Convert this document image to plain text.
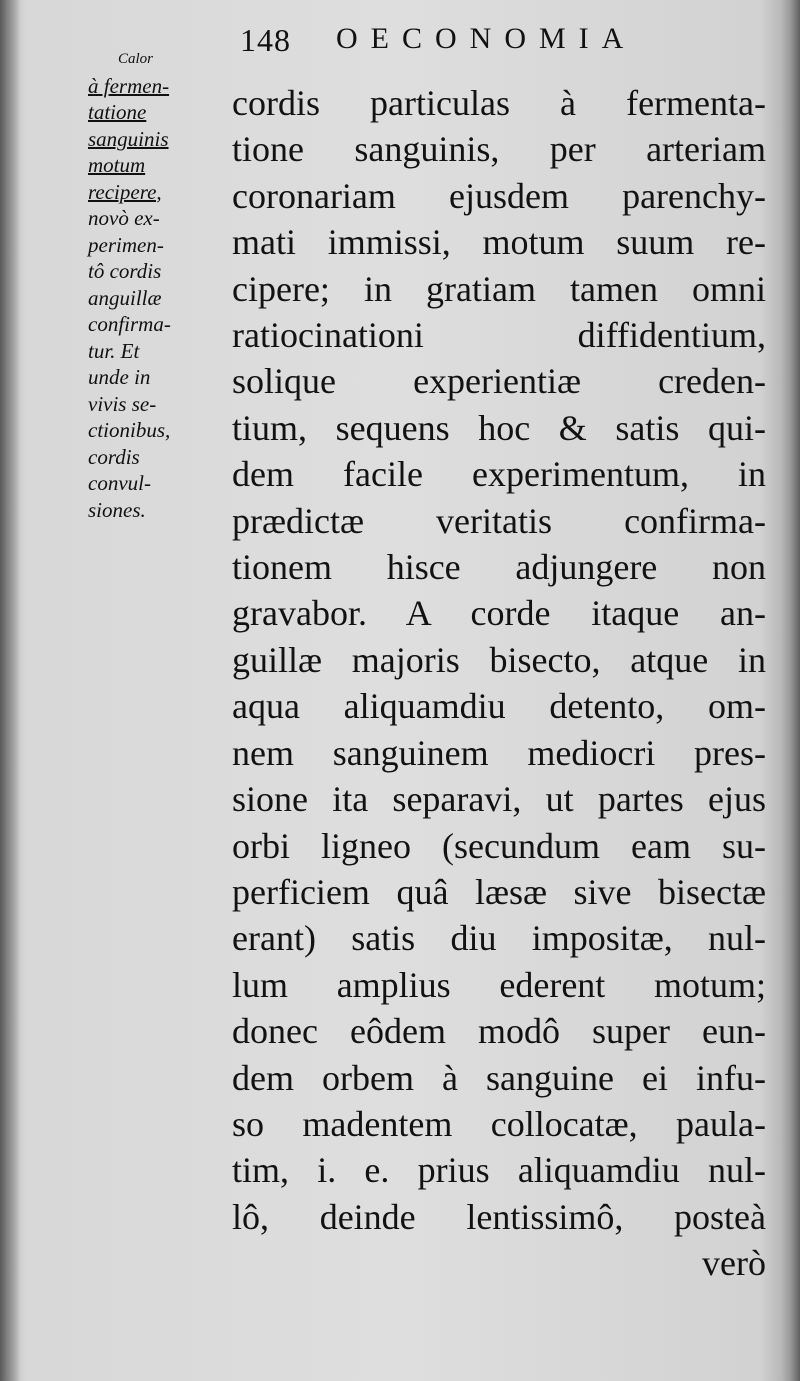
148 OECONOMIA
Calor
à fermen-
tatione
sanguinis
motum
recipere,
novò ex-
perimen-
tô cordis
anguillæ
confirma-
tur. Et
unde in
vivis se-
ctionibus,
cordis
convul-
siones.
cordis particulas à fermenta-
tione sanguinis, per arteriam
coronariam ejusdem parenchy-
mati immissi, motum suum re-
cipere; in gratiam tamen omni
ratiocinationi diffidentium,
solique experientiæ creden-
tium, sequens hoc & satis qui-
dem facile experimentum, in
prædictæ veritatis confirma-
tionem hisce adjungere non
gravabor. A corde itaque an-
guillæ majoris bisecto, atque in
aqua aliquamdiu detento, om-
nem sanguinem mediocri pres-
sione ita separavi, ut partes ejus
orbi ligneo (secundum eam su-
perficiem quâ læsæ sive bisectæ
erant) satis diu impositæ, nul-
lum amplius ederent motum;
donec eôdem modô super eun-
dem orbem à sanguine ei infu-
so madentem collocatæ, paula-
tim, i. e. prius aliquamdiu nul-
lô, deinde lentissimô, posteà
verò
